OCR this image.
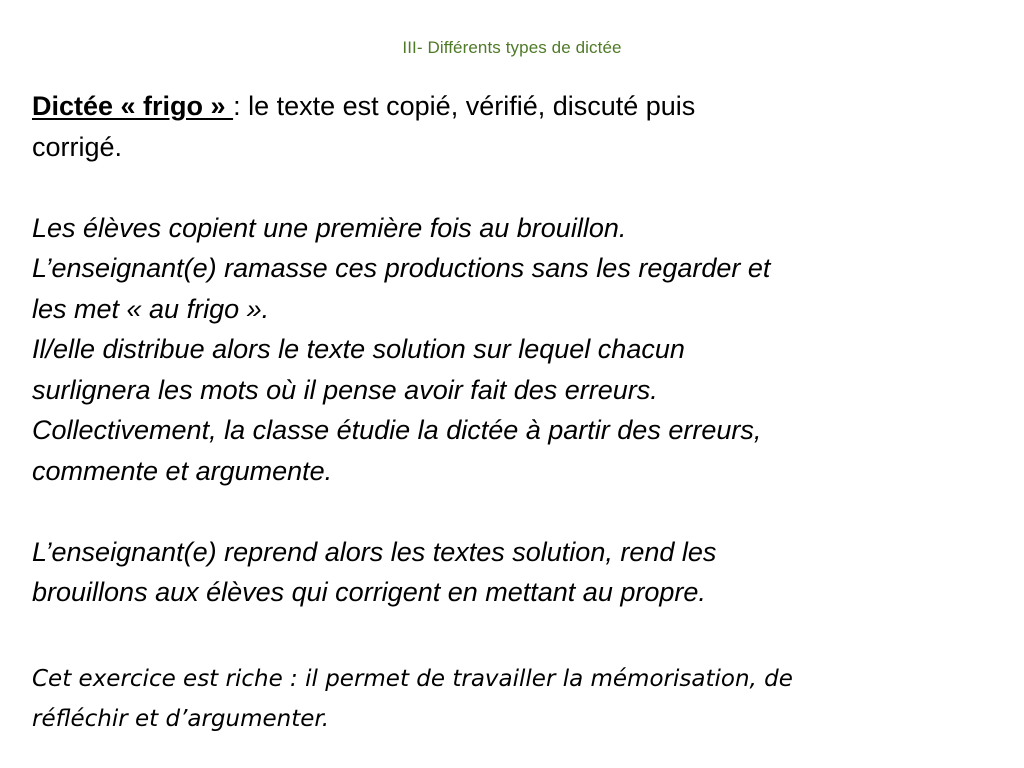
III- Différents types de dictée

Dictée « frigo » : le texte est copié, vérifié, discuté puis
corrigé.

Les élèves copient une première fois au brouillon.
L’enseignant(e) ramasse ces productions sans les regarder et
les met « au frigo ».
Il/elle distribue alors le texte solution sur lequel chacun
surlignera les mots où il pense avoir fait des erreurs.
Collectivement, la classe étudie la dictée à partir des erreurs,
commente et argumente.

L’enseignant(e) reprend alors les textes solution, rend les
brouillons aux élèves qui corrigent en mettant au propre.

Cet exercice est riche : il permet de travailler la mémorisation, de
réfléchir et d’argumenter.
